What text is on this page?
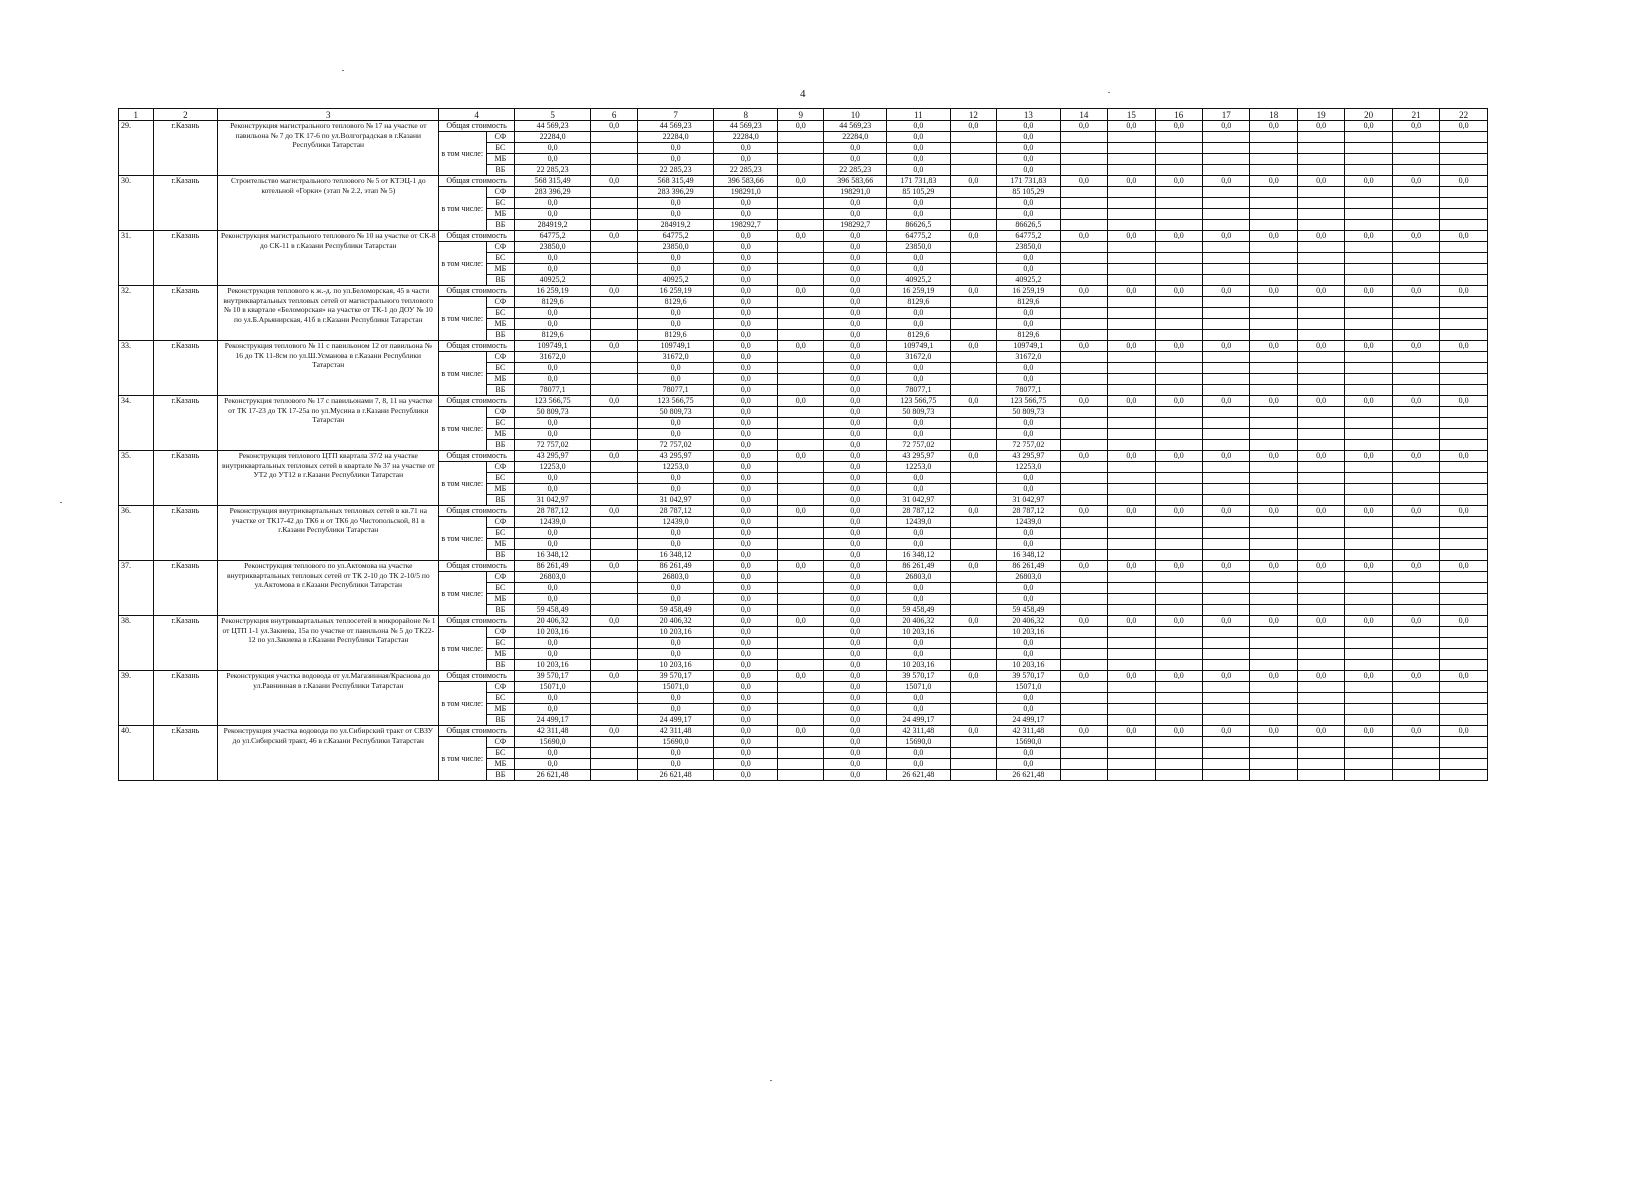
4
1	2	3	4		5	6	7	8	9	10	11	12	13	14	15	16	17	18	19	20	21	22
29.	г.Казань	Реконструкция магистрального теплового № 17 на участке от павильона № 7 до ТК 17-6 по ул.Волгоградская в г.Казани Республики Татарстан	Общая стоимость		44 569,23	0,0	44 569,23	44 569,23	0,0	44 569,23	0,0	0,0	0,0	0,0	0,0	0,0	0,0	0,0	0,0	0,0	0,0	0,0
			в том числе:	СФ	22284,0		22284,0	22284,0		22284,0	0,0		0,0									
				БС	0,0		0,0	0,0		0,0	0,0		0,0									
				МБ	0,0		0,0	0,0		0,0	0,0		0,0									
				ВБ	22 285,23		22 285,23	22 285,23		22 285,23	0,0		0,0									
30.	г.Казань	Строительство магистрального теплового № 5 от КТЭЦ-1 до котельной «Горки» (этап № 2.2, этап № 5)	Общая стоимость		568 315,49	0,0	568 315,49	396 583,66	0,0	396 583,66	171 731,83	0,0	171 731,83	0,0	0,0	0,0	0,0	0,0	0,0	0,0	0,0	0,0
			в том числе:	СФ	283 396,29		283 396,29	198291,0		198291,0	85 105,29		85 105,29									
				БС	0,0		0,0	0,0		0,0	0,0		0,0									
				МБ	0,0		0,0	0,0		0,0	0,0		0,0									
				ВБ	284919,2		284919,2	198292,7		198292,7	86626,5		86626,5									
31.	г.Казань	Реконструкция магистрального теплового № 10 на участке от СК-8 до СК-11 в г.Казани Республики Татарстан	Общая стоимость		64775,2	0,0	64775,2	0,0	0,0	0,0	64775,2	0,0	64775,2	0,0	0,0	0,0	0,0	0,0	0,0	0,0	0,0	0,0
			в том числе:	СФ	23850,0		23850,0	0,0		0,0	23850,0		23850,0									
				БС	0,0		0,0	0,0		0,0	0,0		0,0									
				МБ	0,0		0,0	0,0		0,0	0,0		0,0									
				ВБ	40925,2		40925,2	0,0		0,0	40925,2		40925,2									
32.	г.Казань	Реконструкция теплового к ж.-д. по ул.Беломорская, 45 в части внутриквартальных тепловых сетей от магистрального теплового № 10 в квартале «Беломорская» на участке от ТК-1 до ДОУ № 10 по ул.Б.Арьянирская, 41б в г.Казани Республики Татарстан	Общая стоимость		16 259,19	0,0	16 259,19	0,0	0,0	0,0	16 259,19	0,0	16 259,19	0,0	0,0	0,0	0,0	0,0	0,0	0,0	0,0	0,0
			в том числе:	СФ	8129,6		8129,6	0,0		0,0	8129,6		8129,6									
				БС	0,0		0,0	0,0		0,0	0,0		0,0									
				МБ	0,0		0,0	0,0		0,0	0,0		0,0									
				ВБ	8129,6		8129,6	0,0		0,0	8129,6		8129,6									
33.	г.Казань	Реконструкция теплового № 11 с павильоном 12 от павильона № 16 до ТК 11-8см по ул.Ш.Усманова в г.Казани Республики Татарстан	Общая стоимость		109749,1	0,0	109749,1	0,0	0,0	0,0	109749,1	0,0	109749,1	0,0	0,0	0,0	0,0	0,0	0,0	0,0	0,0	0,0
			в том числе:	СФ	31672,0		31672,0	0,0		0,0	31672,0		31672,0									
				БС	0,0		0,0	0,0		0,0	0,0		0,0									
				МБ	0,0		0,0	0,0		0,0	0,0		0,0									
				ВБ	78077,1		78077,1	0,0		0,0	78077,1		78077,1									
34.	г.Казань	Реконструкция теплового № 17 с павильонами 7, 8, 11 на участке от ТК 17-23 до ТК 17-25а по ул.Мусина в г.Казани Республики Татарстан	Общая стоимость		123 566,75	0,0	123 566,75	0,0	0,0	0,0	123 566,75	0,0	123 566,75	0,0	0,0	0,0	0,0	0,0	0,0	0,0	0,0	0,0
			в том числе:	СФ	50 809,73		50 809,73	0,0		0,0	50 809,73		50 809,73									
				БС	0,0		0,0	0,0		0,0	0,0		0,0									
				МБ	0,0		0,0	0,0		0,0	0,0		0,0									
				ВБ	72 757,02		72 757,02	0,0		0,0	72 757,02		72 757,02									
35.	г.Казань	Реконструкция теплового ЦТП квартала 37/2 на участке внутриквартальных тепловых сетей в квартале № 37 на участке от УТ2 до УТ12 в г.Казани Республики Татарстан	Общая стоимость		43 295,97	0,0	43 295,97	0,0	0,0	0,0	43 295,97	0,0	43 295,97	0,0	0,0	0,0	0,0	0,0	0,0	0,0	0,0	0,0
			в том числе:	СФ	12253,0		12253,0	0,0		0,0	12253,0		12253,0									
				БС	0,0		0,0	0,0		0,0	0,0		0,0									
				МБ	0,0		0,0	0,0		0,0	0,0		0,0									
				ВБ	31 042,97		31 042,97	0,0		0,0	31 042,97		31 042,97									
36.	г.Казань	Реконструкция внутриквартальных тепловых сетей в кв.71 на участке от ТК17-42 до ТК6 и от ТК6 до Чистопольской, 81 в г.Казани Республики Татарстан	Общая стоимость		28 787,12	0,0	28 787,12	0,0	0,0	0,0	28 787,12	0,0	28 787,12	0,0	0,0	0,0	0,0	0,0	0,0	0,0	0,0	0,0
			в том числе:	СФ	12439,0		12439,0	0,0		0,0	12439,0		12439,0									
				БС	0,0		0,0	0,0		0,0	0,0		0,0									
				МБ	0,0		0,0	0,0		0,0	0,0		0,0									
				ВБ	16 348,12		16 348,12	0,0		0,0	16 348,12		16 348,12									
37.	г.Казань	Реконструкция теплового по ул.Актомова на участке внутриквартальных тепловых сетей от ТК 2-10 до ТК 2-10/5 по ул.Актомова в г.Казани Республики Татарстан	Общая стоимость		86 261,49	0,0	86 261,49	0,0	0,0	0,0	86 261,49	0,0	86 261,49	0,0	0,0	0,0	0,0	0,0	0,0	0,0	0,0	0,0
			в том числе:	СФ	26803,0		26803,0	0,0		0,0	26803,0		26803,0									
				БС	0,0		0,0	0,0		0,0	0,0		0,0									
				МБ	0,0		0,0	0,0		0,0	0,0		0,0									
				ВБ	59 458,49		59 458,49	0,0		0,0	59 458,49		59 458,49									
38.	г.Казань	Реконструкция внутриквартальных теплосетей в микрорайоне № 1 от ЦТП 1-1 ул.Закиева, 15а по участке от павильона № 5 до ТК22-12 по ул.Закиева в г.Казани Республики Татарстан	Общая стоимость		20 406,32	0,0	20 406,32	0,0	0,0	0,0	20 406,32	0,0	20 406,32	0,0	0,0	0,0	0,0	0,0	0,0	0,0	0,0	0,0
			в том числе:	СФ	10 203,16		10 203,16	0,0		0,0	10 203,16		10 203,16									
				БС	0,0		0,0	0,0		0,0	0,0		0,0									
				МБ	0,0		0,0	0,0		0,0	0,0		0,0									
				ВБ	10 203,16		10 203,16	0,0		0,0	10 203,16		10 203,16									
39.	г.Казань	Реконструкция участка водовода от ул.Магазинная/Краснова до ул.Равнинная в г.Казани Республики Татарстан	Общая стоимость		39 570,17	0,0	39 570,17	0,0	0,0	0,0	39 570,17	0,0	39 570,17	0,0	0,0	0,0	0,0	0,0	0,0	0,0	0,0	0,0
			в том числе:	СФ	15071,0		15071,0	0,0		0,0	15071,0		15071,0									
				БС	0,0		0,0	0,0		0,0	0,0		0,0									
				МБ	0,0		0,0	0,0		0,0	0,0		0,0									
				ВБ	24 499,17		24 499,17	0,0		0,0	24 499,17		24 499,17									
40.	г.Казань	Реконструкция участка водовода по ул.Сибирский тракт от СВЗУ до ул.Сибирский тракт, 46 в г.Казани Республики Татарстан	Общая стоимость		42 311,48	0,0	42 311,48	0,0	0,0	0,0	42 311,48	0,0	42 311,48	0,0	0,0	0,0	0,0	0,0	0,0	0,0	0,0	0,0
			в том числе:	СФ	15690,0		15690,0	0,0		0,0	15690,0		15690,0									
				БС	0,0		0,0	0,0		0,0	0,0		0,0									
				МБ	0,0		0,0	0,0		0,0	0,0		0,0									
				ВБ	26 621,48		26 621,48	0,0		0,0	26 621,48		26 621,48									
